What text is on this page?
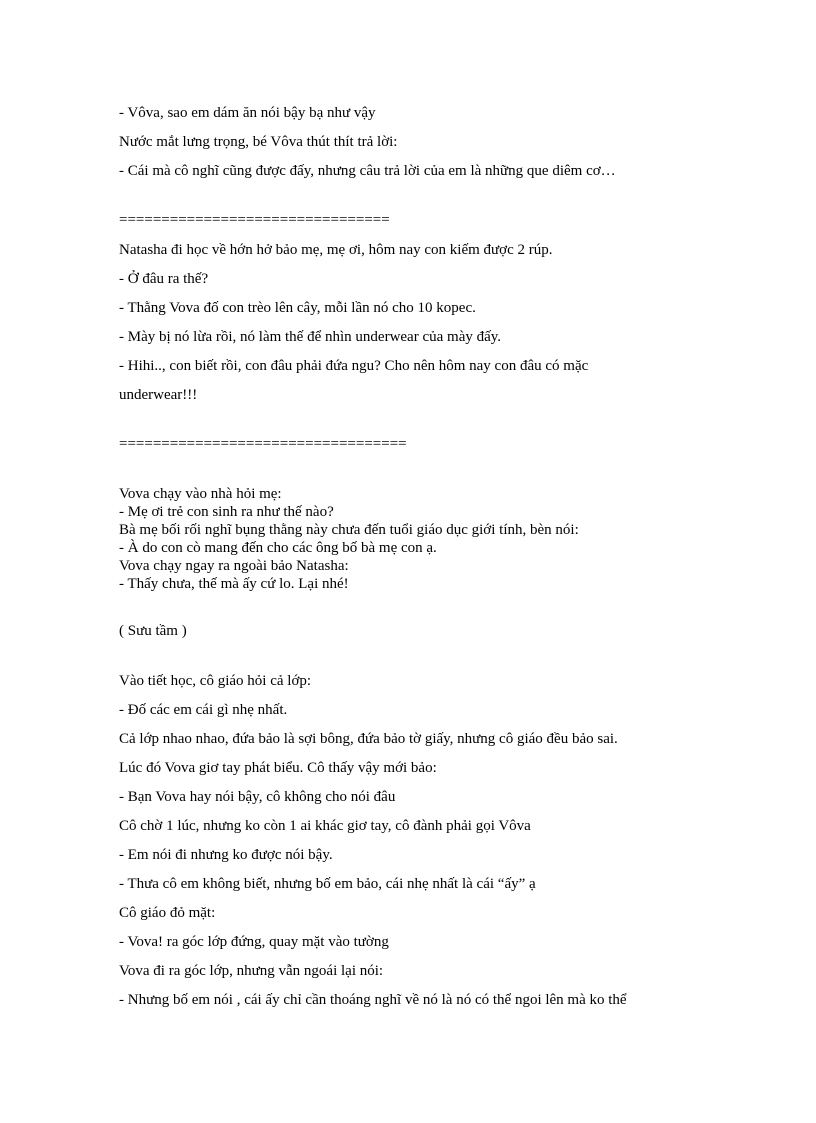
- Vôva, sao em dám ăn nói bậy bạ như vậy
Nước mắt lưng trọng, bé Vôva thút thít trả lời:
- Cái mà cô nghĩ cũng được đấy, nhưng câu trả lời của em là những que diêm cơ…
================================
Natasha đi học về hớn hở bảo mẹ, mẹ ơi, hôm nay con kiếm được 2 rúp.
- Ở đâu ra thế?
- Thằng Vova đố con trèo lên cây, mỗi lần nó cho 10 kopec.
- Mày bị nó lừa rồi, nó làm thế để nhìn underwear của mày đấy.
- Hihi.., con biết rồi, con đâu phải đứa ngu? Cho nên hôm nay con đâu có mặc
underwear!!!
==================================
Vova chạy vào nhà hỏi mẹ:
- Mẹ ơi trẻ con sinh ra như thế nào?
Bà mẹ bối rối nghĩ bụng thằng này chưa đến tuổi giáo dục giới tính, bèn nói:
- À do con cò mang đến cho các ông bố bà mẹ con ạ.
Vova chạy ngay ra ngoài bảo Natasha:
- Thấy chưa, thế mà ấy cứ lo. Lại nhé!
( Sưu tầm )
Vào tiết học, cô giáo hỏi cả lớp:
- Đố các em cái gì nhẹ nhất.
Cả lớp nhao nhao, đứa bảo là sợi bông, đứa bảo tờ giấy, nhưng cô giáo đều bảo sai.
Lúc đó Vova giơ tay phát biểu. Cô thấy vậy mới bảo:
- Bạn Vova hay nói bậy, cô không cho nói đâu
Cô chờ 1 lúc, nhưng ko còn 1 ai khác giơ tay, cô đành phải gọi Vôva
- Em nói đi nhưng ko được nói bậy.
- Thưa cô em không biết, nhưng bố em bảo, cái nhẹ nhất là cái “ấy” ạ
Cô giáo đỏ mặt:
- Vova! ra góc lớp đứng, quay mặt vào tường
Vova đi ra góc lớp, nhưng vẫn ngoái lại nói:
- Nhưng bố em nói , cái ấy chỉ cần thoáng nghĩ về nó là nó có thể ngoi lên mà ko thể
